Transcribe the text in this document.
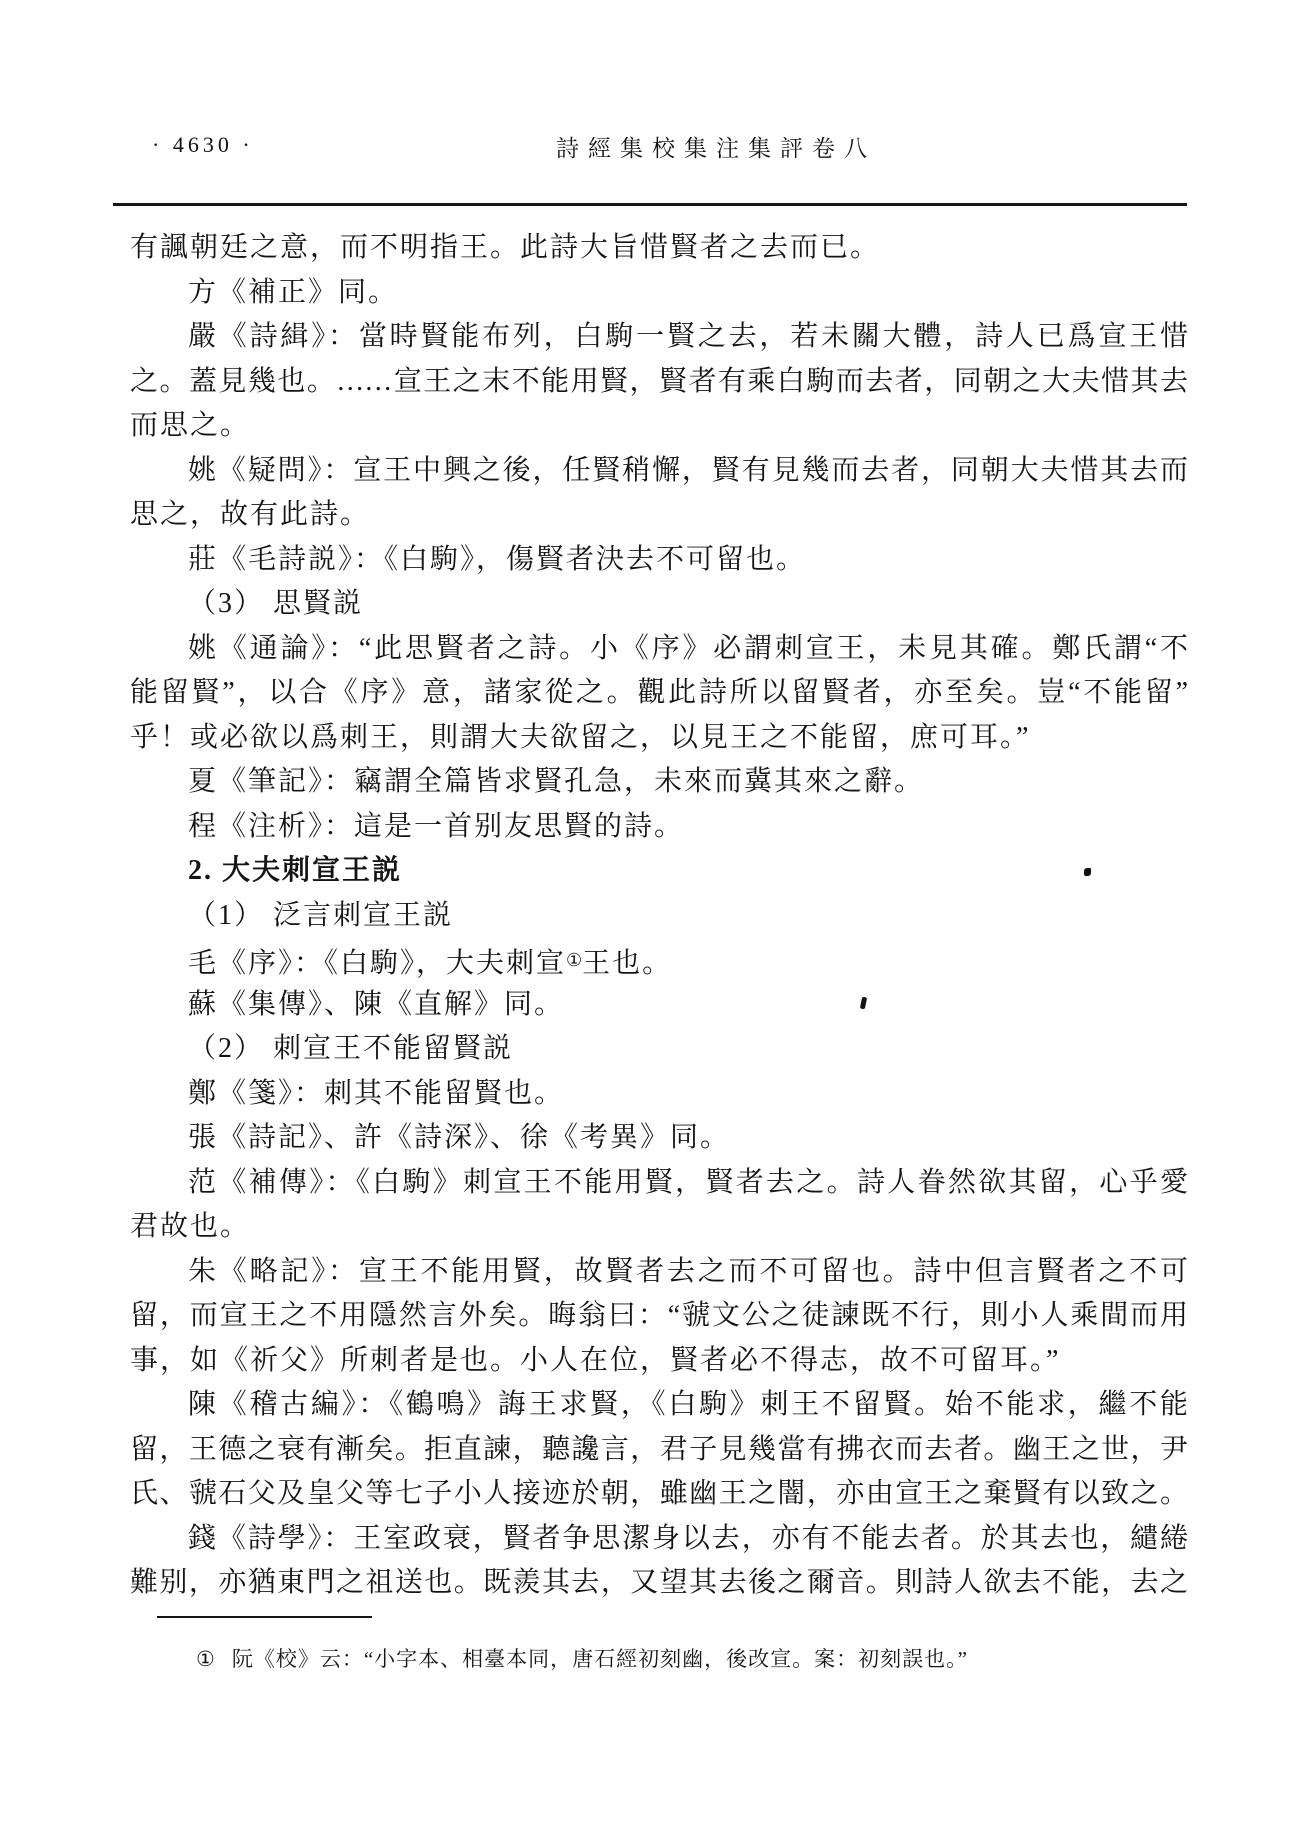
· 4630 ·	詩經集校集注集評卷八
有諷朝廷之意，而不明指王。此詩大旨惜賢者之去而已。
方《補正》同。
嚴《詩緝》：當時賢能布列，白駒一賢之去，若未關大體，詩人已爲宣王惜
之。蓋見幾也。……宣王之末不能用賢，賢者有乘白駒而去者，同朝之大夫惜其去
而思之。
姚《疑問》：宣王中興之後，任賢稍懈，賢有見幾而去者，同朝大夫惜其去而
思之，故有此詩。
莊《毛詩説》：《白駒》，傷賢者決去不可留也。
（3） 思賢説
姚《通論》：“此思賢者之詩。小《序》必謂刺宣王，未見其確。鄭氏謂“不
能留賢”，以合《序》意，諸家從之。觀此詩所以留賢者，亦至矣。豈“不能留”
乎！或必欲以爲刺王，則謂大夫欲留之，以見王之不能留，庶可耳。”
夏《筆記》：竊謂全篇皆求賢孔急，未來而冀其來之辭。
程《注析》：這是一首别友思賢的詩。
2. 大夫刺宣王説
（1） 泛言刺宣王説
毛《序》：《白駒》，大夫刺宣①王也。
蘇《集傳》、陳《直解》同。
（2） 刺宣王不能留賢説
鄭《箋》：刺其不能留賢也。
張《詩記》、許《詩深》、徐《考異》同。
范《補傳》：《白駒》刺宣王不能用賢，賢者去之。詩人眷然欲其留，心乎愛
君故也。
朱《略記》：宣王不能用賢，故賢者去之而不可留也。詩中但言賢者之不可
留，而宣王之不用隱然言外矣。晦翁曰：“虢文公之徒諫既不行，則小人乘間而用
事，如《祈父》所刺者是也。小人在位，賢者必不得志，故不可留耳。”
陳《稽古編》：《鶴鳴》誨王求賢，《白駒》刺王不留賢。始不能求，繼不能
留，王德之衰有漸矣。拒直諫，聽讒言，君子見幾當有拂衣而去者。幽王之世，尹
氏、虢石父及皇父等七子小人接迹於朝，雖幽王之闇，亦由宣王之棄賢有以致之。
錢《詩學》：王室政衰，賢者争思潔身以去，亦有不能去者。於其去也，繾綣
難别，亦猶東門之祖送也。既羨其去，又望其去後之爾音。則詩人欲去不能，去之
① 阮《校》云：“小字本、相臺本同，唐石經初刻幽，後改宣。案：初刻誤也。”
